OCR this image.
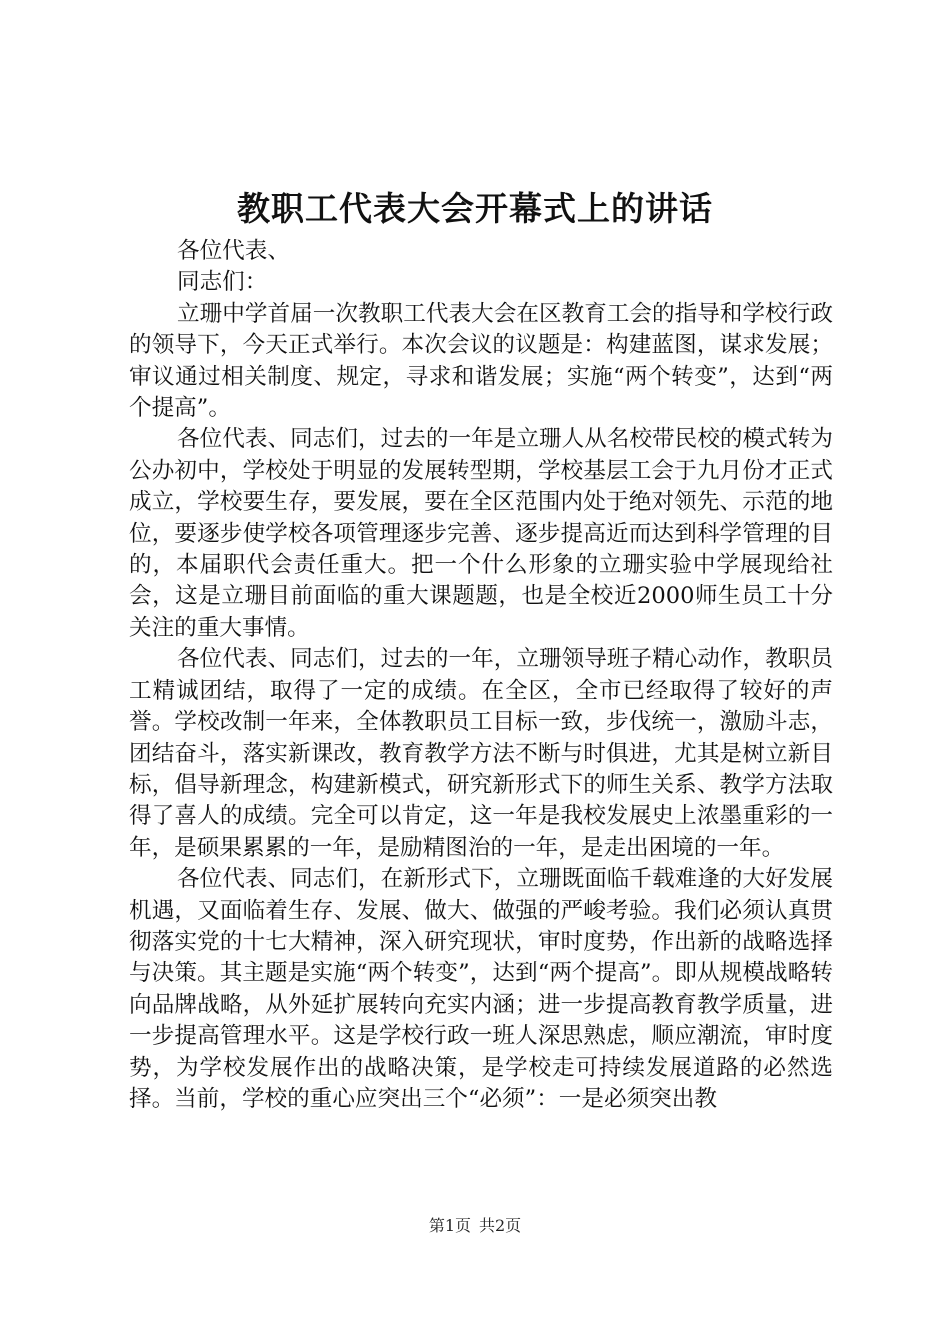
教职工代表大会开幕式上的讲话

各位代表、

同志们：

立珊中学首届一次教职工代表大会在区教育工会的指导和学校行政的领导下，今天正式举行。本次会议的议题是：构建蓝图，谋求发展；审议通过相关制度、规定，寻求和谐发展；实施“两个转变”，达到“两个提高”。

各位代表、同志们，过去的一年是立珊人从名校带民校的模式转为公办初中，学校处于明显的发展转型期，学校基层工会于九月份才正式成立，学校要生存，要发展，要在全区范围内处于绝对领先、示范的地位，要逐步使学校各项管理逐步完善、逐步提高近而达到科学管理的目的，本届职代会责任重大。把一个什么形象的立珊实验中学展现给社会，这是立珊目前面临的重大课题题，也是全校近2000师生员工十分关注的重大事情。

各位代表、同志们，过去的一年，立珊领导班子精心动作，教职员工精诚团结，取得了一定的成绩。在全区，全市已经取得了较好的声誉。学校改制一年来，全体教职员工目标一致，步伐统一，激励斗志，团结奋斗，落实新课改，教育教学方法不断与时俱进，尤其是树立新目标，倡导新理念，构建新模式，研究新形式下的师生关系、教学方法取得了喜人的成绩。完全可以肯定，这一年是我校发展史上浓墨重彩的一年，是硕果累累的一年，是励精图治的一年，是走出困境的一年。

各位代表、同志们，在新形式下，立珊既面临千载难逢的大好发展机遇，又面临着生存、发展、做大、做强的严峻考验。我们必须认真贯彻落实党的十七大精神，深入研究现状，审时度势，作出新的战略选择与决策。其主题是实施“两个转变”，达到“两个提高”。即从规模战略转向品牌战略，从外延扩展转向充实内涵；进一步提高教育教学质量，进一步提高管理水平。这是学校行政一班人深思熟虑，顺应潮流，审时度势，为学校发展作出的战略决策，是学校走可持续发展道路的必然选择。当前，学校的重心应突出三个“必须”：一是必须突出教

第1页 共2页
